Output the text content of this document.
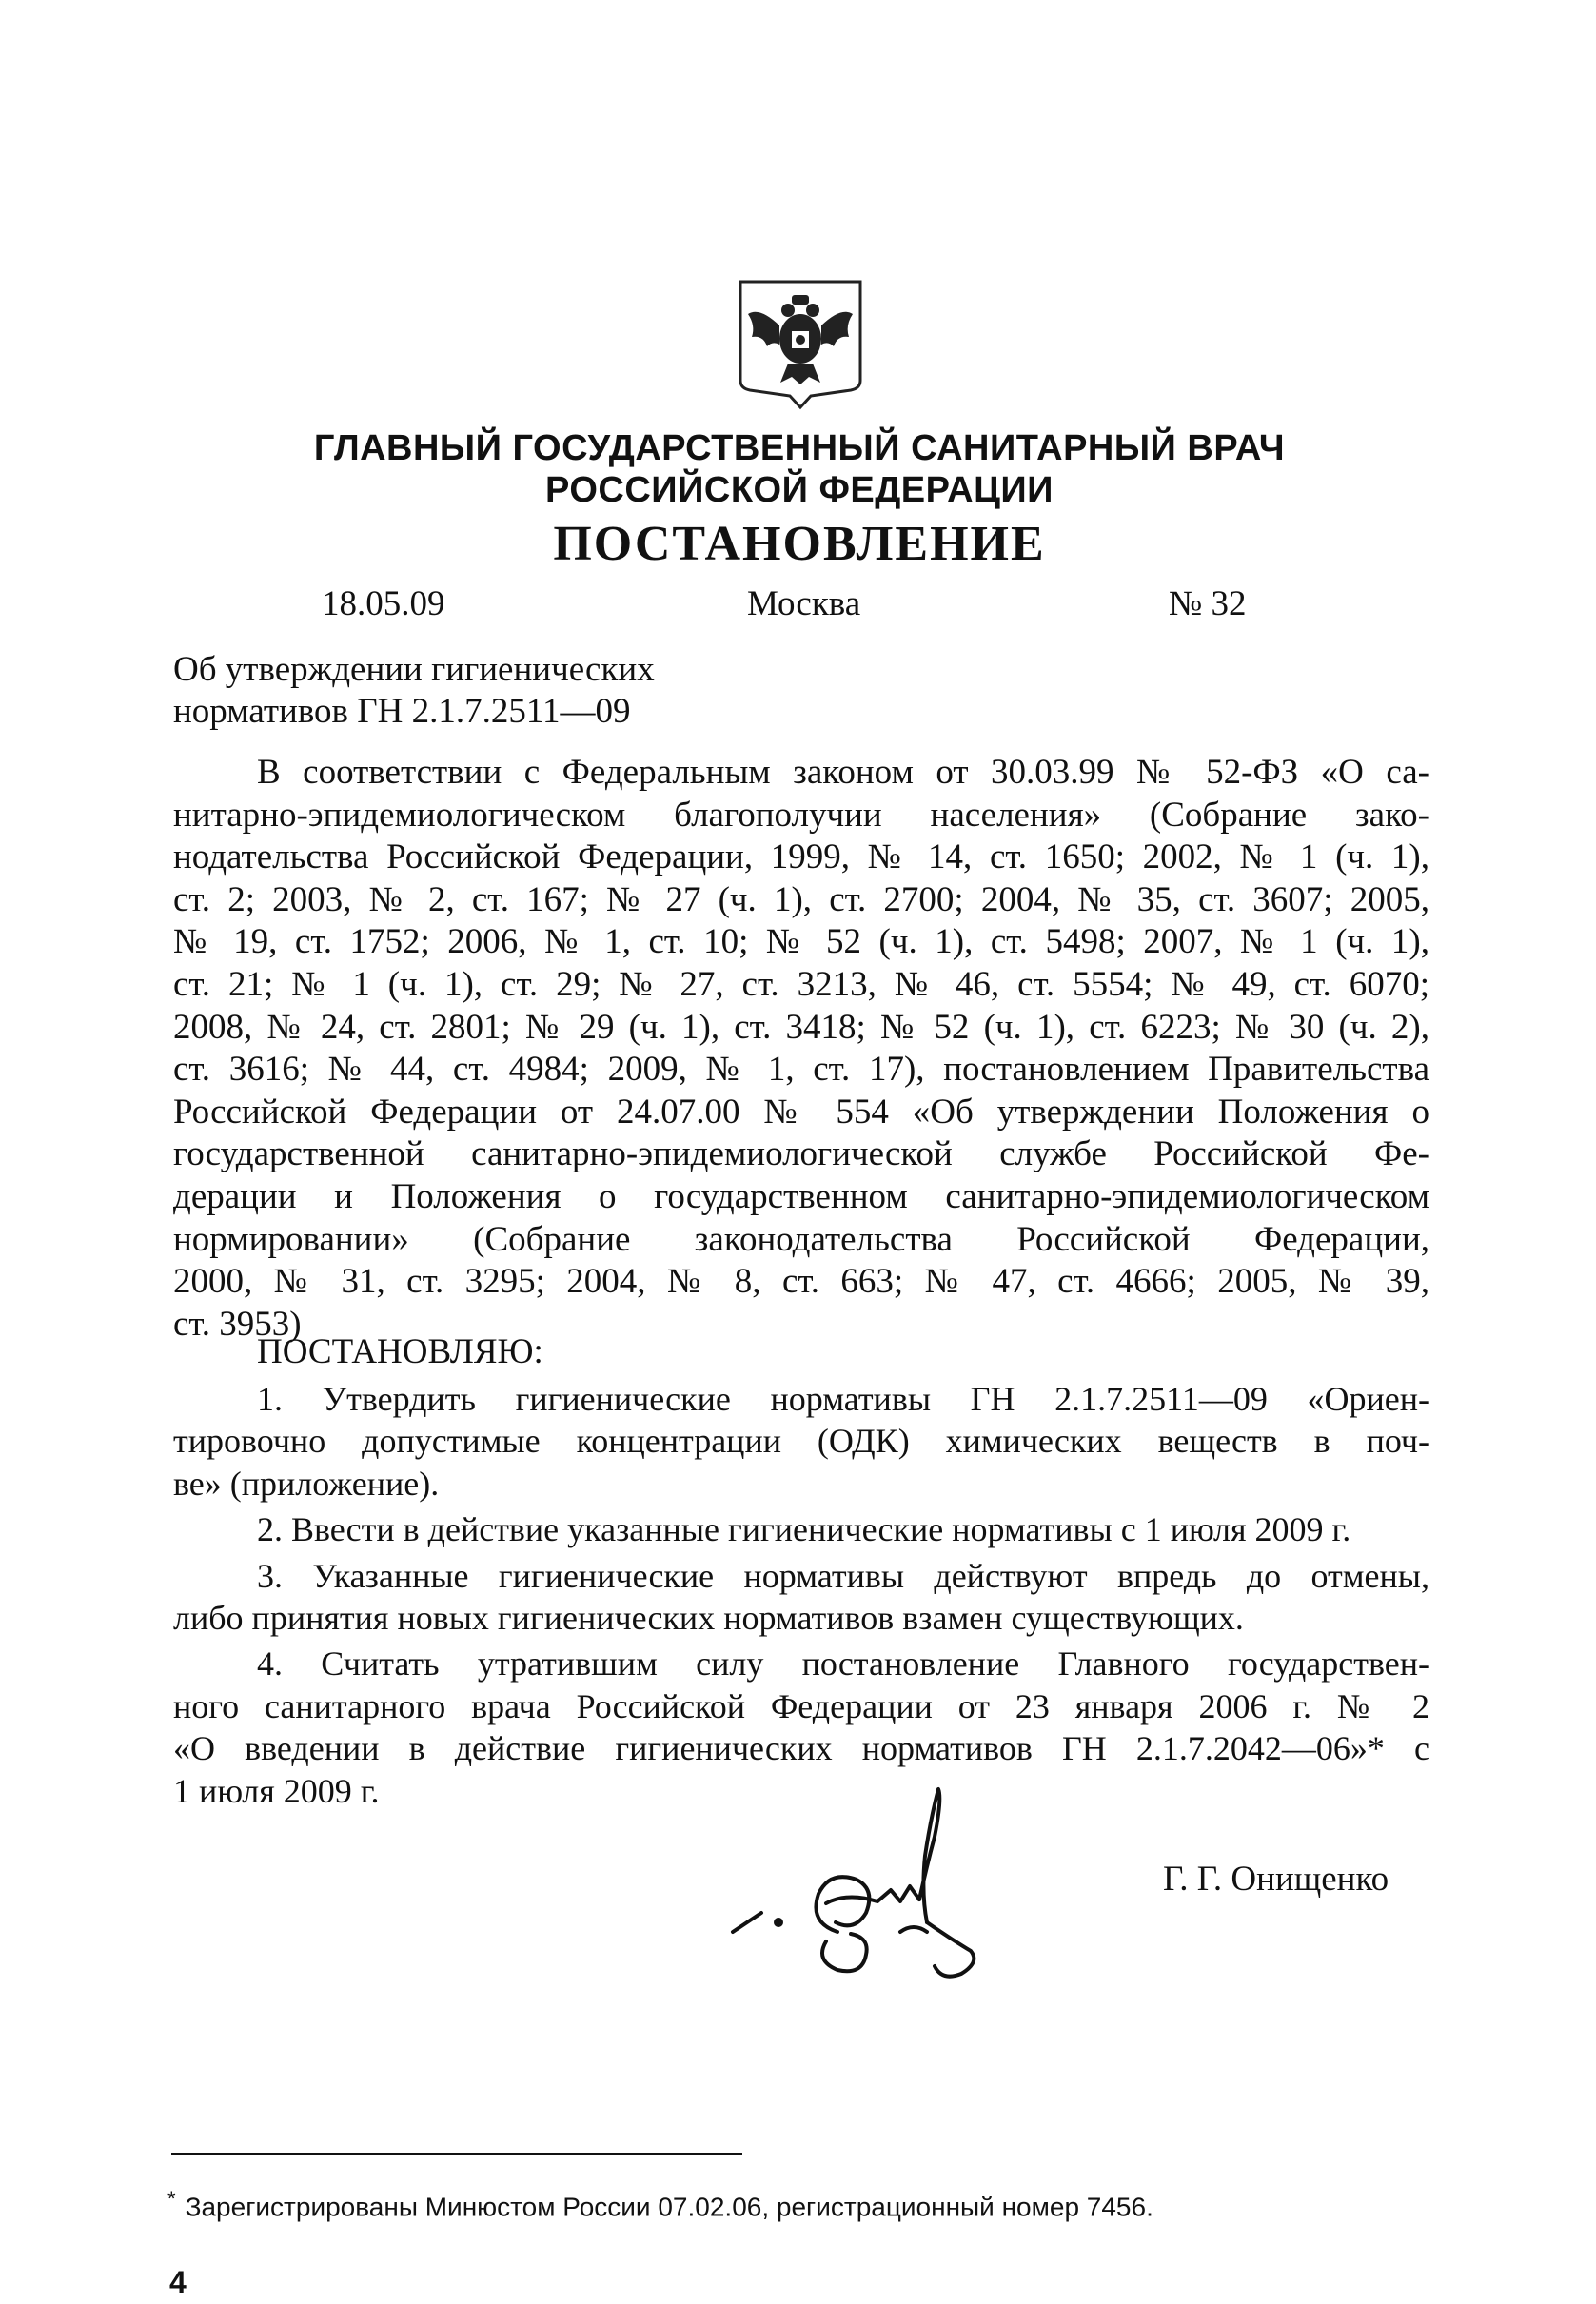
ГЛАВНЫЙ ГОСУДАРСТВЕННЫЙ САНИТАРНЫЙ ВРАЧ
РОССИЙСКОЙ ФЕДЕРАЦИИ
ПОСТАНОВЛЕНИЕ
18.05.09	Москва	№ 32
Об утверждении гигиенических
нормативов ГН 2.1.7.2511—09
В соответствии с Федеральным законом от 30.03.99 № 52-ФЗ «О са-
нитарно-эпидемиологическом благополучии населения» (Собрание зако-
нодательства Российской Федерации, 1999, № 14, ст. 1650; 2002, № 1 (ч. 1),
ст. 2; 2003, № 2, ст. 167; № 27 (ч. 1), ст. 2700; 2004, № 35, ст. 3607; 2005,
№ 19, ст. 1752; 2006, № 1, ст. 10; № 52 (ч. 1), ст. 5498; 2007, № 1 (ч. 1),
ст. 21; № 1 (ч. 1), ст. 29; № 27, ст. 3213, № 46, ст. 5554; № 49, ст. 6070;
2008, № 24, ст. 2801; № 29 (ч. 1), ст. 3418; № 52 (ч. 1), ст. 6223; № 30 (ч. 2),
ст. 3616; № 44, ст. 4984; 2009, № 1, ст. 17), постановлением Правительства
Российской Федерации от 24.07.00 № 554 «Об утверждении Положения о
государственной санитарно-эпидемиологической службе Российской Фе-
дерации и Положения о государственном санитарно-эпидемиологическом
нормировании» (Собрание законодательства Российской Федерации,
2000, № 31, ст. 3295; 2004, № 8, ст. 663; № 47, ст. 4666; 2005, № 39,
ст. 3953)
ПОСТАНОВЛЯЮ:
1. Утвердить гигиенические нормативы ГН 2.1.7.2511—09 «Ориен-
тировочно допустимые концентрации (ОДК) химических веществ в поч-
ве» (приложение).
2. Ввести в действие указанные гигиенические нормативы с 1 июля 2009 г.
3. Указанные гигиенические нормативы действуют впредь до отмены,
либо принятия новых гигиенических нормативов взамен существующих.
4. Считать утратившим силу постановление Главного государствен-
ного санитарного врача Российской Федерации от 23 января 2006 г. № 2
«О введении в действие гигиенических нормативов ГН 2.1.7.2042—06»* с
1 июля 2009 г.
Г. Г. Онищенко
* Зарегистрированы Минюстом России 07.02.06, регистрационный номер 7456.
4
